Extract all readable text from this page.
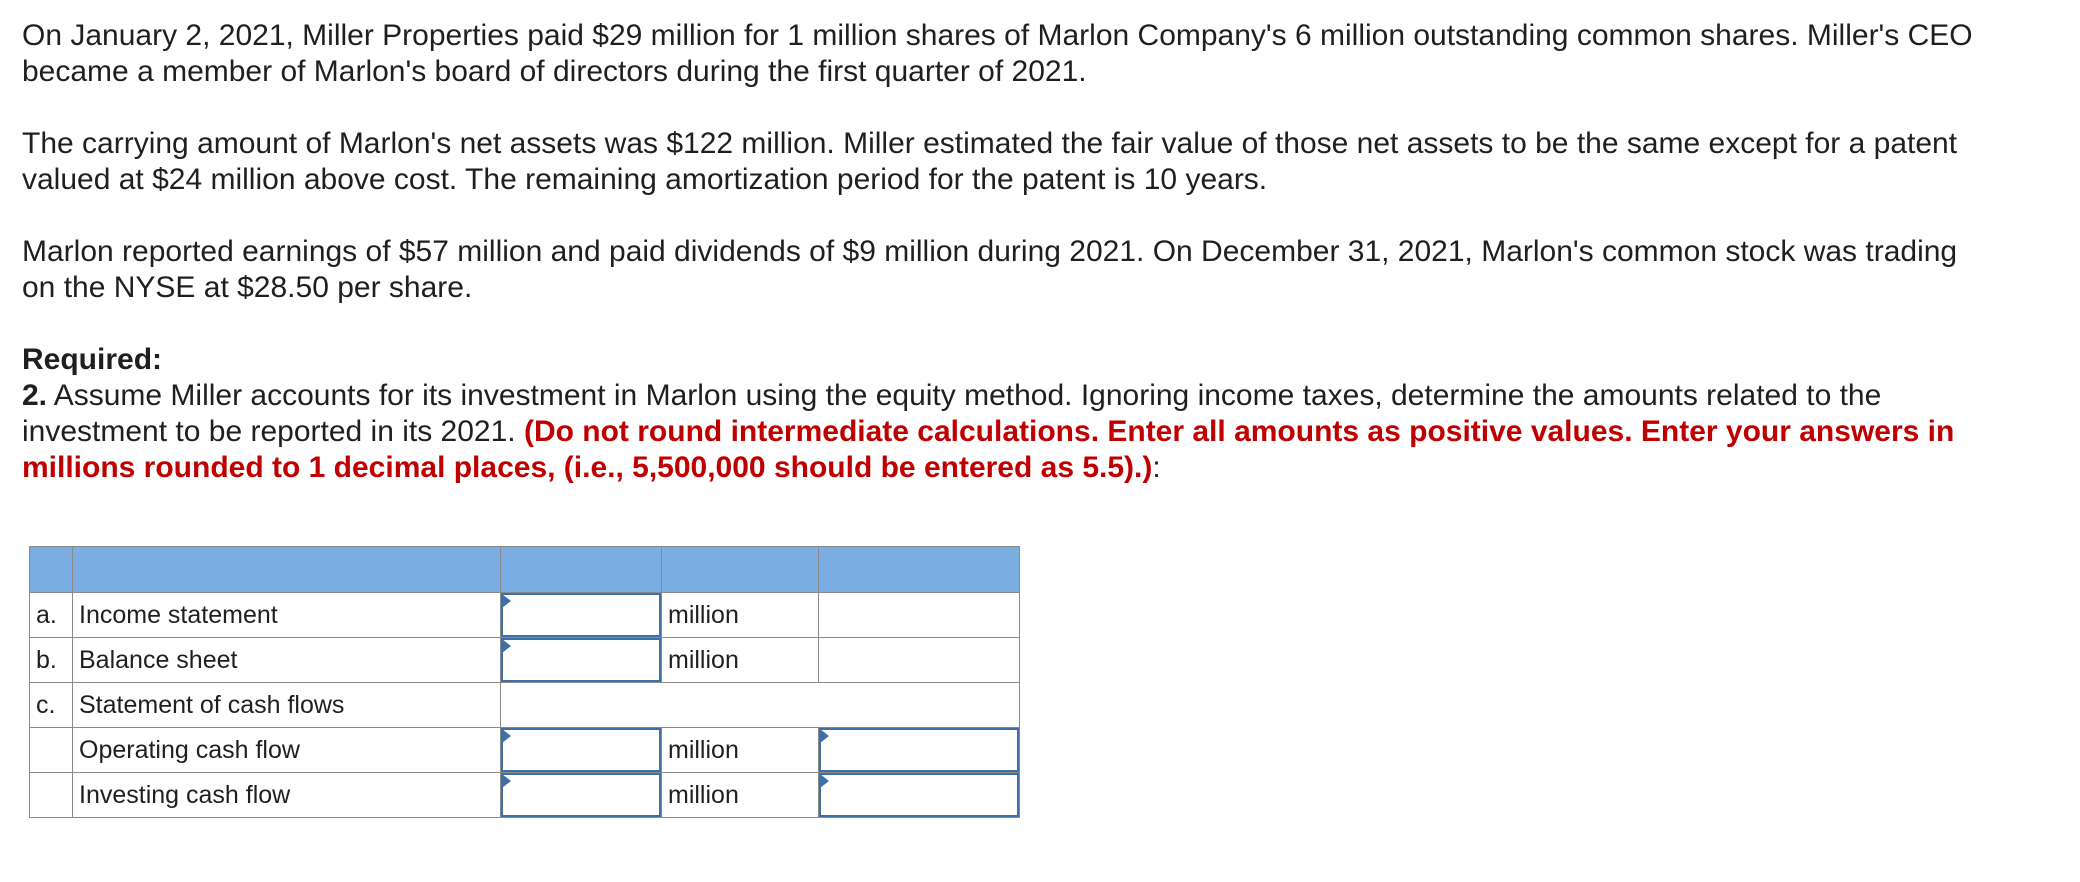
On January 2, 2021, Miller Properties paid $29 million for 1 million shares of Marlon Company's 6 million outstanding common shares. Miller's CEO became a member of Marlon's board of directors during the first quarter of 2021.

The carrying amount of Marlon's net assets was $122 million. Miller estimated the fair value of those net assets to be the same except for a patent valued at $24 million above cost. The remaining amortization period for the patent is 10 years.

Marlon reported earnings of $57 million and paid dividends of $9 million during 2021. On December 31, 2021, Marlon's common stock was trading on the NYSE at $28.50 per share.

Required:
2. Assume Miller accounts for its investment in Marlon using the equity method. Ignoring income taxes, determine the amounts related to the investment to be reported in its 2021. (Do not round intermediate calculations. Enter all amounts as positive values. Enter your answers in millions rounded to 1 decimal places, (i.e., 5,500,000 should be entered as 5.5).):

a.	Income statement		million	
b.	Balance sheet		million	
c.	Statement of cash flows			
	Operating cash flow		million	

	Investing cash flow		million	
